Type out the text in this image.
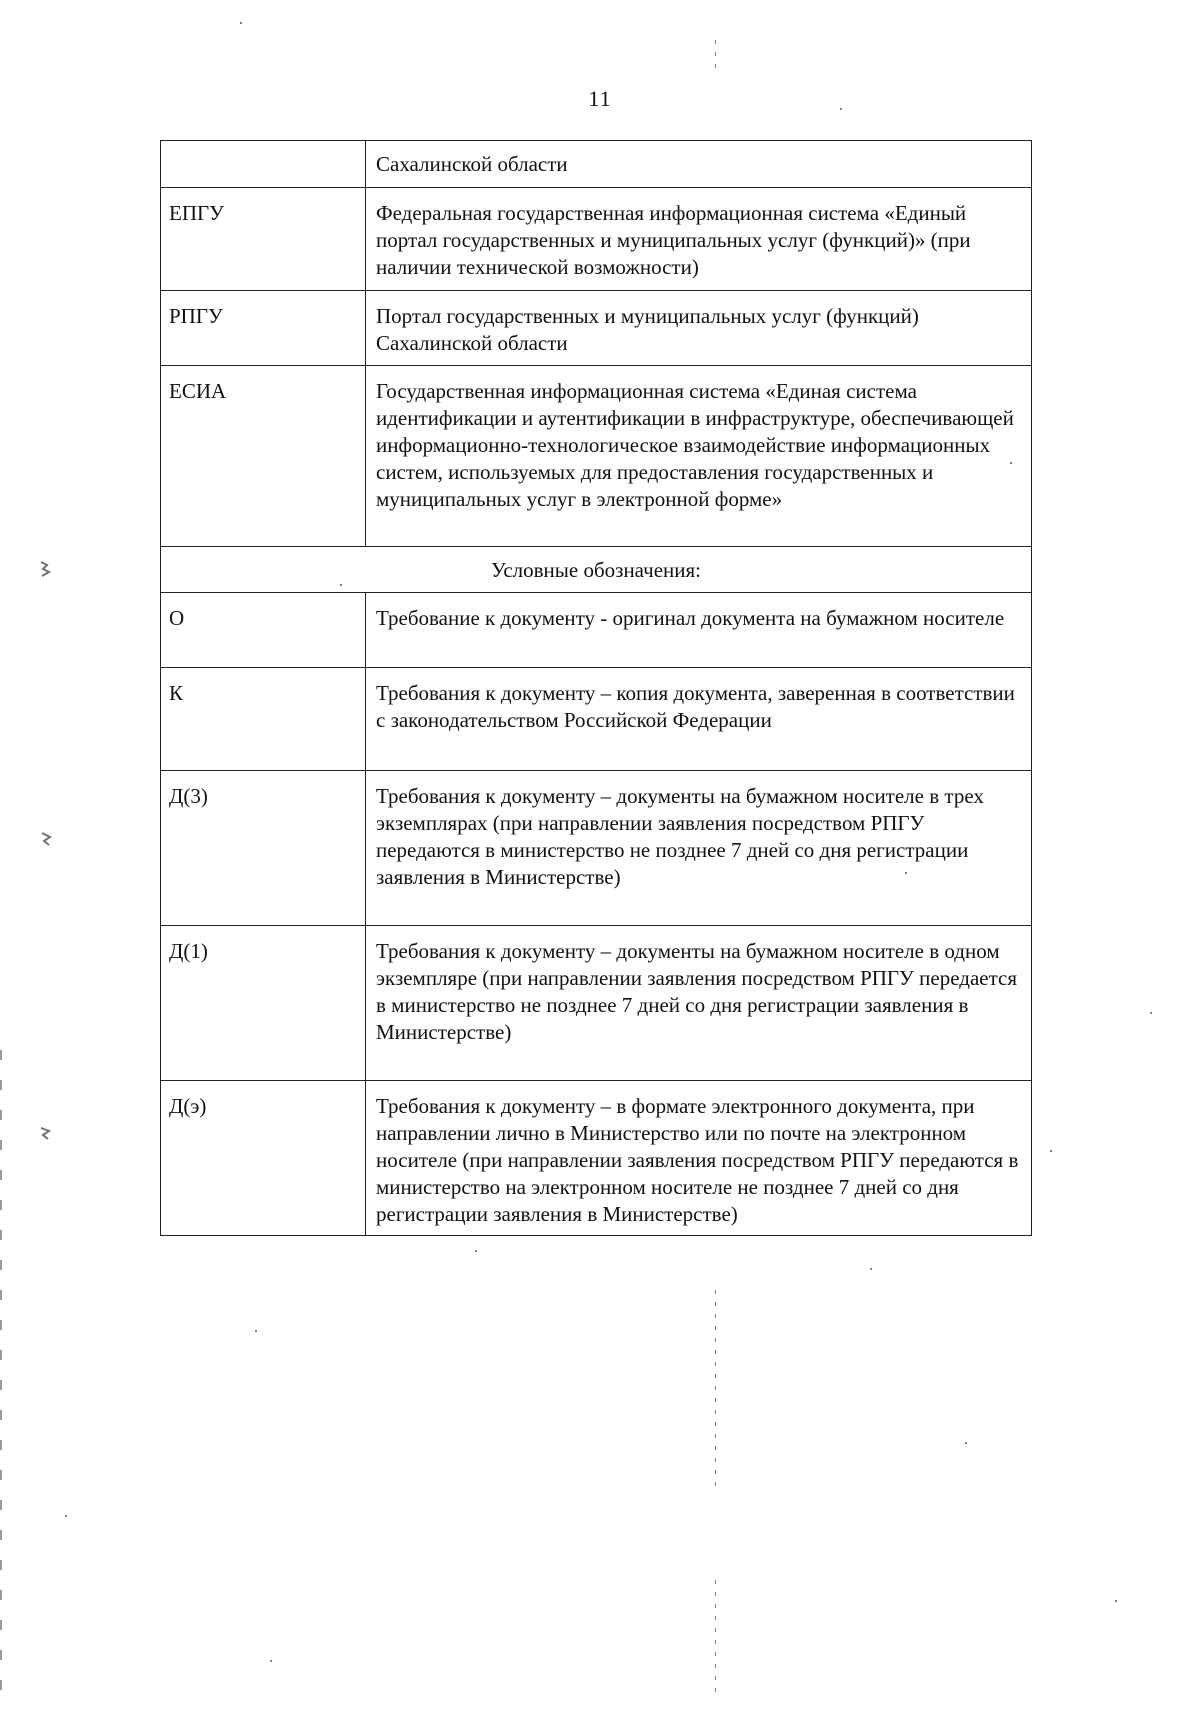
11
	Сахалинской области
ЕПГУ	Федеральная государственная информационная система «Единый портал государственных и муниципальных услуг (функций)» (при наличии технической возможности)
РПГУ	Портал государственных и муниципальных услуг (функций) Сахалинской области
ЕСИА	Государственная информационная система «Единая система идентификации и аутентификации в инфраструктуре, обеспечивающей информационно-технологическое взаимодействие информационных систем, используемых для предоставления государственных и муниципальных услуг в электронной форме»
Условные обозначения:	
О	Требование к документу - оригинал документа на бумажном носителе
К	Требования к документу – копия документа, заверенная в соответствии с законодательством Российской Федерации
Д(3)	Требования к документу – документы на бумажном носителе в трех экземплярах (при направлении заявления посредством РПГУ передаются в министерство не позднее 7 дней со дня регистрации заявления в Министерстве)
Д(1)	Требования к документу – документы на бумажном носителе в одном экземпляре (при направлении заявления посредством РПГУ передается в министерство не позднее 7 дней со дня регистрации заявления в Министерстве)
Д(э)	Требования к документу – в формате электронного документа, при направлении лично в Министерство или по почте на электронном носителе (при направлении заявления посредством РПГУ передаются в министерство на электронном носителе не позднее 7 дней со дня регистрации заявления в Министерстве)
